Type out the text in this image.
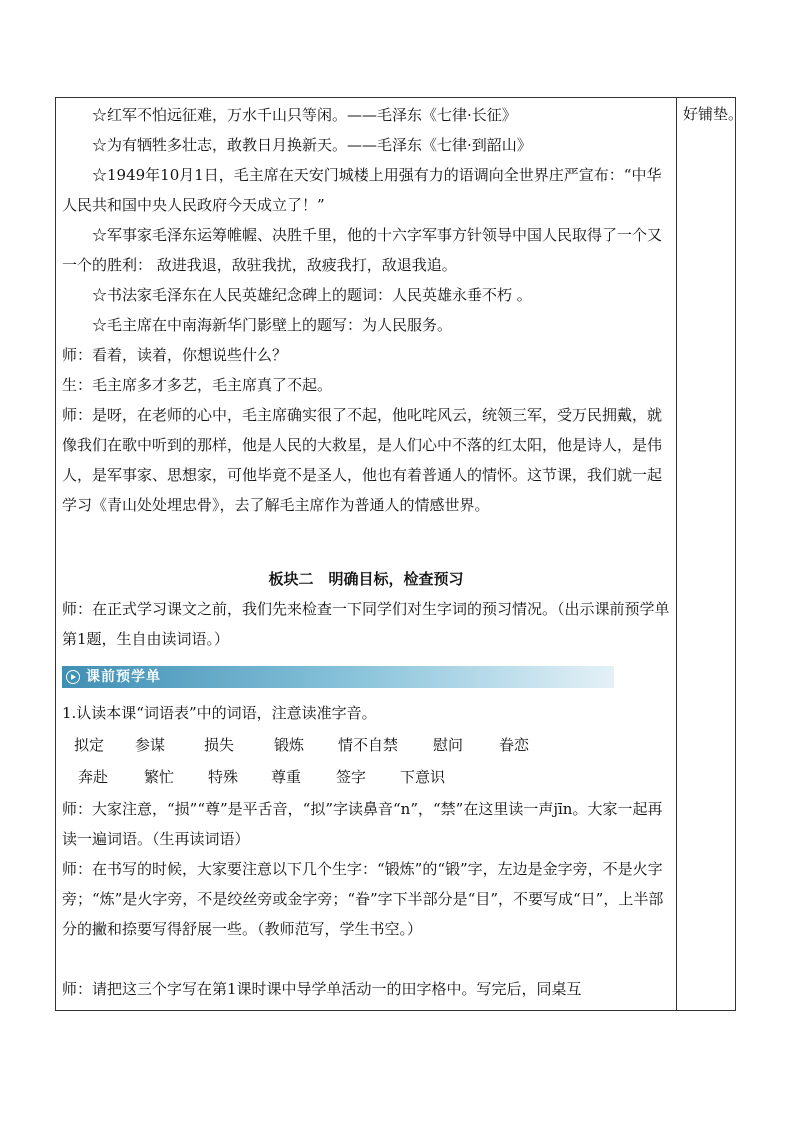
☆红军不怕远征难，万水千山只等闲。——毛泽东《七律·长征》

☆为有牺牲多壮志，敢教日月换新天。——毛泽东《七律·到韶山》

☆1949年10月1日，毛主席在天安门城楼上用强有力的语调向全世界庄严宣布：“中华人民共和国中央人民政府今天成立了！”

☆军事家毛泽东运筹帷幄、决胜千里，他的十六字军事方针领导中国人民取得了一个又一个的胜利： 敌进我退，敌驻我扰，敌疲我打，敌退我追。

☆书法家毛泽东在人民英雄纪念碑上的题词：人民英雄永垂不朽 。

☆毛主席在中南海新华门影壁上的题写：为人民服务。

师：看着，读着，你想说些什么？

生：毛主席多才多艺，毛主席真了不起。

师：是呀，在老师的心中，毛主席确实很了不起，他叱咤风云，统领三军，受万民拥戴，就像我们在歌中听到的那样，他是人民的大救星，是人们心中不落的红太阳，他是诗人，是伟人，是军事家、思想家，可他毕竟不是圣人，他也有着普通人的情怀。这节课，我们就一起学习《青山处处埋忠骨》，去了解毛主席作为普通人的情感世界。

板块二　明确目标，检查预习

师：在正式学习课文之前，我们先来检查一下同学们对生字词的预习情况。（出示课前预学单第1题，生自由读词语。）

课前预学单

1.认读本课“词语表”中的词语，注意读准字音。

拟定 参谋	损失	锻炼 情不自禁 慰问 眷恋
奔赴 繁忙 特殊 尊重 签字 下意识

师：大家注意，“损”“尊”是平舌音，“拟”字读鼻音“n”，“禁”在这里读一声jīn。大家一起再读一遍词语。（生再读词语）

师：在书写的时候，大家要注意以下几个生字：“锻炼”的“锻”字，左边是金字旁，不是火字旁；“炼”是火字旁，不是绞丝旁或金字旁；“眷”字下半部分是“目”，不要写成“日”，上半部分的撇和捺要写得舒展一些。（教师范写，学生书空。）

师：请把这三个字写在第1课时课中导学单活动一的田字格中。写完后，同桌互

好铺垫。
